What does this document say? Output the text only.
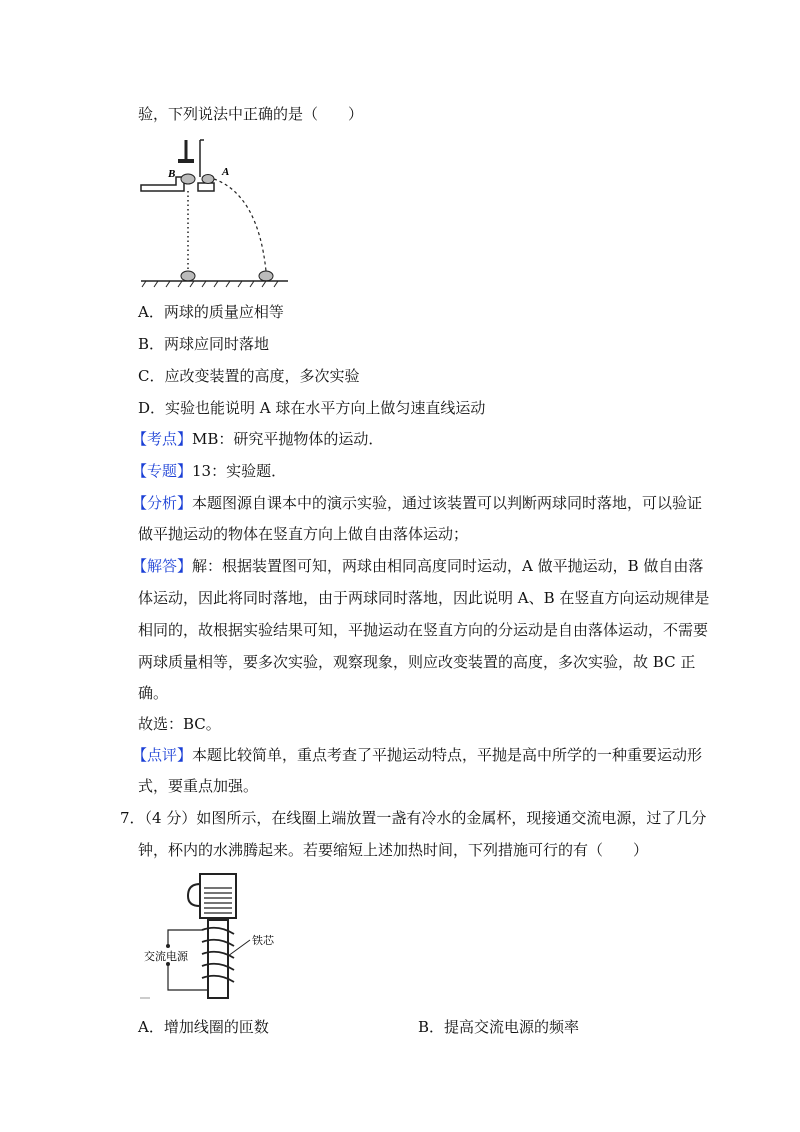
验，下列说法中正确的是（　　）
B	A
A．两球的质量应相等
B．两球应同时落地
C．应改变装置的高度，多次实验
D．实验也能说明 A 球在水平方向上做匀速直线运动
【考点】MB：研究平抛物体的运动．
【专题】13：实验题．
【分析】本题图源自课本中的演示实验，通过该装置可以判断两球同时落地，可以验证
做平抛运动的物体在竖直方向上做自由落体运动；
【解答】解：根据装置图可知，两球由相同高度同时运动，A 做平抛运动，B 做自由落
体运动，因此将同时落地，由于两球同时落地，因此说明 A、B 在竖直方向运动规律是
相同的，故根据实验结果可知，平抛运动在竖直方向的分运动是自由落体运动，不需要
两球质量相等，要多次实验，观察现象，则应改变装置的高度，多次实验，故 BC 正
确。
故选：BC。
【点评】本题比较简单，重点考查了平抛运动特点，平抛是高中所学的一种重要运动形
式，要重点加强。
7．（4 分）如图所示，在线圈上端放置一盏有冷水的金属杯，现接通交流电源，过了几分
钟，杯内的水沸腾起来。若要缩短上述加热时间，下列措施可行的有（　　）
铁芯
交流电源
A．增加线圈的匝数	B．提高交流电源的频率
